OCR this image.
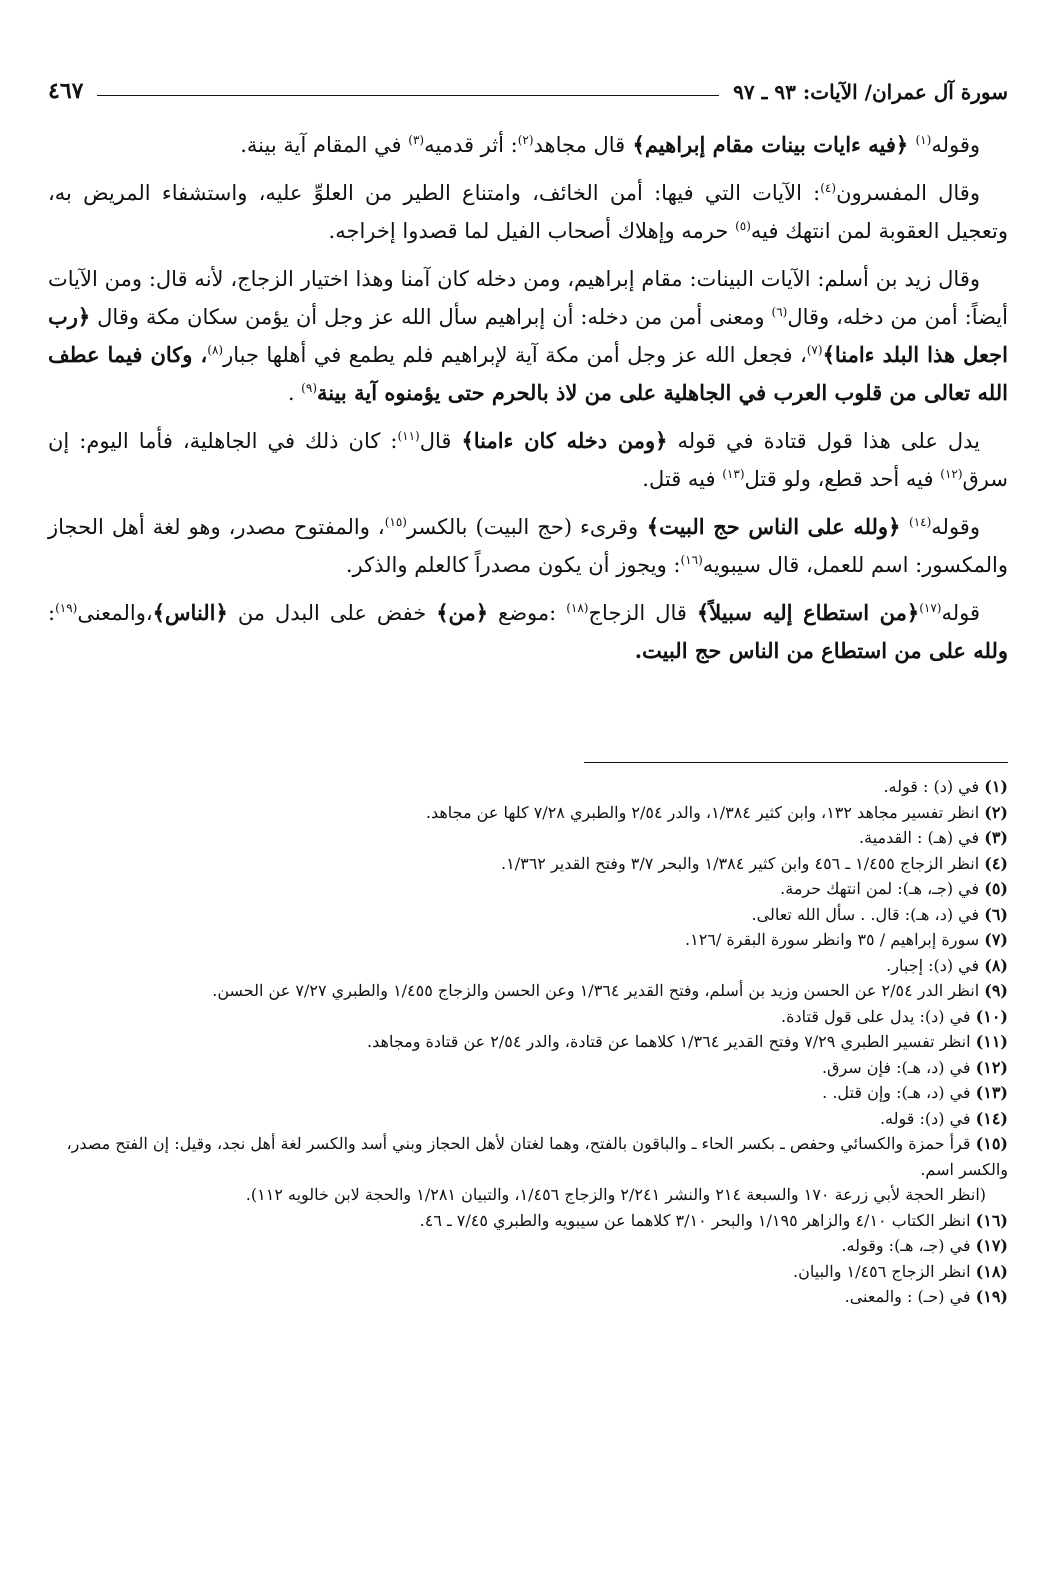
سورة آل عمران/ الآيات: ٩٣ ـ ٩٧
٤٦٧

وقوله$^{(١)}$ ﴿فيه ءايات بينات مقام إبراهيم﴾ قال مجاهد$^{(٢)}$: أثر قدميه$^{(٣)}$ في المقام آية بينة.

وقال المفسرون$^{(٤)}$: الآيات التي فيها: أمن الخائف، وامتناع الطير من العلوِّ عليه، واستشفاء المريض به، وتعجيل العقوبة لمن انتهك فيه$^{(٥)}$ حرمه وإهلاك أصحاب الفيل لما قصدوا إخراجه.

وقال زيد بن أسلم: الآيات البينات: مقام إبراهيم، ومن دخله كان آمنا وهذا اختيار الزجاج، لأنه قال: ومن الآيات أيضاً: أمن من دخله، وقال$^{(٦)}$ ومعنى أمن من دخله: أن إبراهيم سأل الله عز وجل أن يؤمن سكان مكة وقال ﴿رب اجعل هذا البلد ءامنا﴾$^{(٧)}$، فجعل الله عز وجل أمن مكة آية لإبراهيم فلم يطمع في أهلها جبار$^{(٨)}$، وكان فيما عطف الله تعالى من قلوب العرب في الجاهلية على من لاذ بالحرم حتى يؤمنوه آية بينة$^{(٩)}$ .

يدل على هذا قول قتادة في قوله ﴿ومن دخله كان ءامنا﴾ قال$^{(١١)}$: كان ذلك في الجاهلية، فأما اليوم: إن سرق$^{(١٢)}$ فيه أحد قطع، ولو قتل$^{(١٣)}$ فيه قتل.

وقوله$^{(١٤)}$ ﴿ولله على الناس حج البيت﴾ وقرىء (حج البيت) بالكسر$^{(١٥)}$، والمفتوح مصدر، وهو لغة أهل الحجاز والمكسور: اسم للعمل، قال سيبويه$^{(١٦)}$: ويجوز أن يكون مصدراً كالعلم والذكر.

قوله$^{(١٧)}$﴿من استطاع إليه سبيلاً﴾ قال الزجاج$^{(١٨)}$ :موضع ﴿من﴾ خفض على البدل من ﴿الناس﴾،والمعنى$^{(١٩)}$: ولله على من استطاع من الناس حج البيت.

(١) في (د) : قوله.

(٢) انظر تفسير مجاهد ١٣٢، وابن كثير ١/٣٨٤، والدر ٢/٥٤ والطبري ٧/٢٨ كلها عن مجاهد.

(٣) في (هـ) : القدمية.

(٤) انظر الزجاج ١/٤٥٥ ـ ٤٥٦ وابن كثير ١/٣٨٤ والبحر ٣/٧ وفتح القدير ١/٣٦٢.

(٥) في (جـ، هـ): لمن انتهك حرمة.

(٦) في (د، هـ): قال. . سأل الله تعالى.

(٧) سورة إبراهيم / ٣٥ وانظر سورة البقرة /١٢٦.

(٨) في (د): إجبار.

(٩) انظر الدر ٢/٥٤ عن الحسن وزيد بن أسلم، وفتح القدير ١/٣٦٤ وعن الحسن والزجاج ١/٤٥٥ والطبري ٧/٢٧ عن الحسن.

(١٠) في (د): يدل على قول قتادة.

(١١) انظر تفسير الطبري ٧/٢٩ وفتح القدير ١/٣٦٤ كلاهما عن قتادة، والدر ٢/٥٤ عن قتادة ومجاهد.

(١٢) في (د، هـ): فإن سرق.

(١٣) في (د، هـ): وإن قتل. .

(١٤) في (د): قوله.

(١٥) قرأ حمزة والكسائي وحفص ـ بكسر الحاء ـ والباقون بالفتح، وهما لغتان لأهل الحجاز وبني أسد والكسر لغة أهل نجد، وقيل: إن الفتح مصدر، والكسر اسم.

(انظر الحجة لأبي زرعة ١٧٠ والسبعة ٢١٤ والنشر ٢/٢٤١ والزجاج ١/٤٥٦، والتبيان ١/٢٨١ والحجة لابن خالويه ١١٢).

(١٦) انظر الكتاب ٤/١٠ والزاهر ١/١٩٥ والبحر ٣/١٠ كلاهما عن سيبويه والطبري ٧/٤٥ ـ ٤٦.

(١٧) في (جـ، هـ): وقوله.

(١٨) انظر الزجاج ١/٤٥٦ والبيان.

(١٩) في (حـ) : والمعنى.
